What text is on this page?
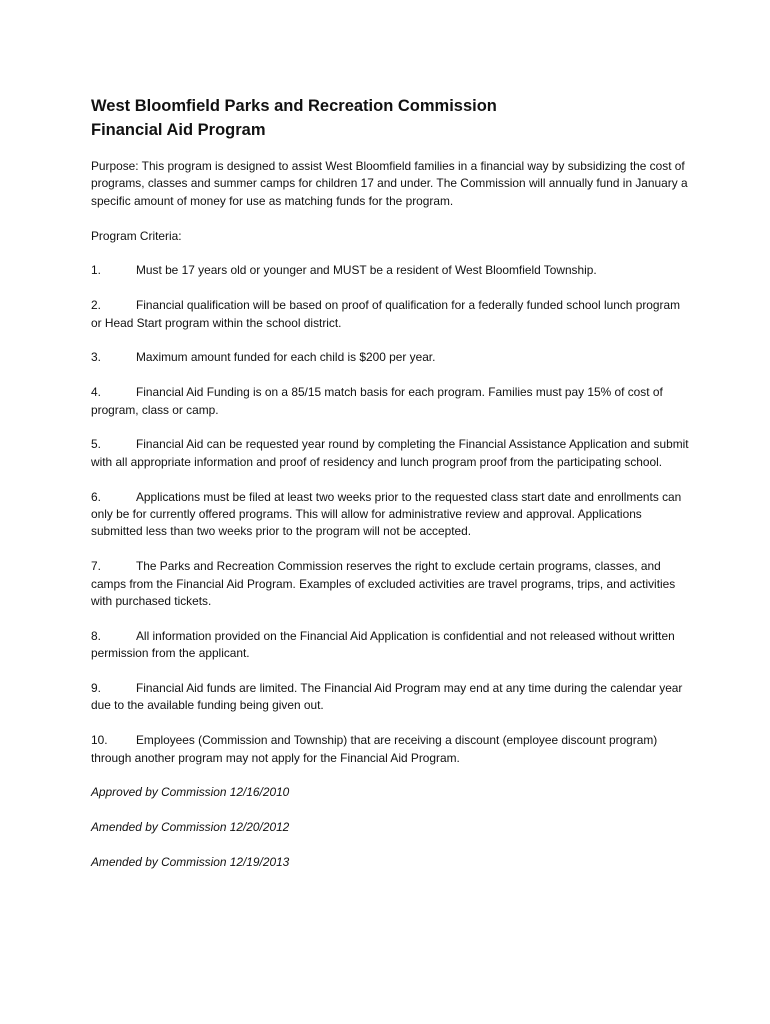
West Bloomfield Parks and Recreation Commission
Financial Aid Program

Purpose: This program is designed to assist West Bloomfield families in a financial way by subsidizing the cost of programs, classes and summer camps for children 17 and under. The Commission will annually fund in January a specific amount of money for use as matching funds for the program.

Program Criteria:

1.	Must be 17 years old or younger and MUST be a resident of West Bloomfield Township.

2.	Financial qualification will be based on proof of qualification for a federally funded school lunch program or Head Start program within the school district.

3.	Maximum amount funded for each child is $200 per year.

4.	Financial Aid Funding is on a 85/15 match basis for each program. Families must pay 15% of cost of program, class or camp.

5.	Financial Aid can be requested year round by completing the Financial Assistance Application and submit with all appropriate information and proof of residency and lunch program proof from the participating school.

6.	Applications must be filed at least two weeks prior to the requested class start date and enrollments can only be for currently offered programs. This will allow for administrative review and approval. Applications submitted less than two weeks prior to the program will not be accepted.

7.	The Parks and Recreation Commission reserves the right to exclude certain programs, classes, and camps from the Financial Aid Program. Examples of excluded activities are travel programs, trips, and activities with purchased tickets.

8.	All information provided on the Financial Aid Application is confidential and not released without written permission from the applicant.

9.	Financial Aid funds are limited. The Financial Aid Program may end at any time during the calendar year due to the available funding being given out.

10. Employees (Commission and Township) that are receiving a discount (employee discount program) through another program may not apply for the Financial Aid Program.

Approved by Commission 12/16/2010

Amended by Commission 12/20/2012

Amended by Commission 12/19/2013
